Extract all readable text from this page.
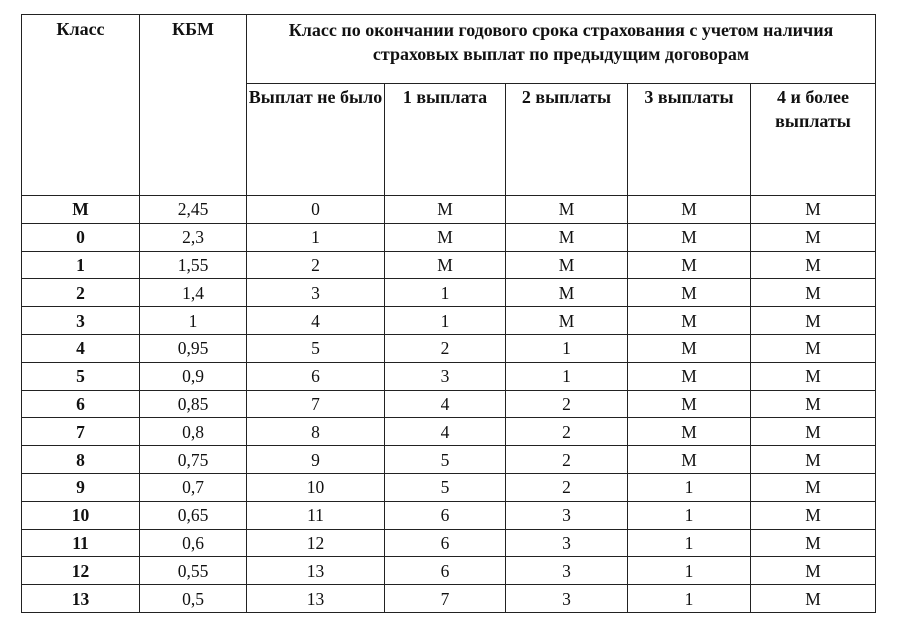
Класс	КБМ	Класс по окончании годового срока страхования с учетом наличия страховых выплат по предыдущим договорам				
		Выплат не было	1 выплата	2 выплаты	3 выплаты	4 и более выплаты
М	2,45	0	М	М	М	М
0	2,3	1	М	М	М	М
1	1,55	2	М	М	М	М
2	1,4	3	1	М	М	М
3	1	4	1	М	М	М
4	0,95	5	2	1	М	М
5	0,9	6	3	1	М	М
6	0,85	7	4	2	М	М
7	0,8	8	4	2	М	М
8	0,75	9	5	2	М	М
9	0,7	10	5	2	1	М
10	0,65	11	6	3	1	М
11	0,6	12	6	3	1	М
12	0,55	13	6	3	1	М
13	0,5	13	7	3	1	М
